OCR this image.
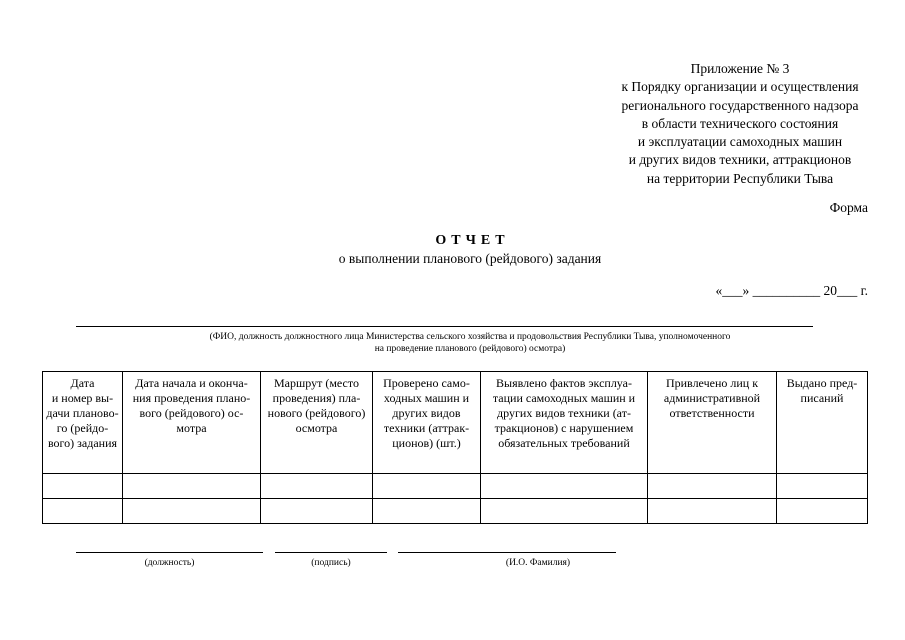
Приложение № 3
к Порядку организации и осуществления
регионального государственного надзора
в области технического состояния
и эксплуатации самоходных машин
и других видов техники, аттракционов
на территории Республики Тыва
Форма
ОТЧЕТ
о выполнении планового (рейдового) задания
«___» __________ 20___ г.
(ФИО, должность должностного лица Министерства сельского хозяйства и продовольствия Республики Тыва, уполномоченного
на проведение планового (рейдового) осмотра)
Дата
и номер вы-
дачи планово-
го (рейдо-
вого) задания	Дата начала и оконча-
ния проведения плано-
вого (рейдового) ос-
мотра	Маршрут (место
проведения) пла-
нового (рейдового)
осмотра	Проверено само-
ходных машин и
других видов
техники (аттрак-
ционов) (шт.)	Выявлено фактов эксплуа-
тации самоходных машин и
других видов техники (ат-
тракционов) с нарушением
обязательных требований	Привлечено лиц к
административной
ответственности	Выдано пред-
писаний

(должность)	(подпись)	(И.О. Фамилия)
